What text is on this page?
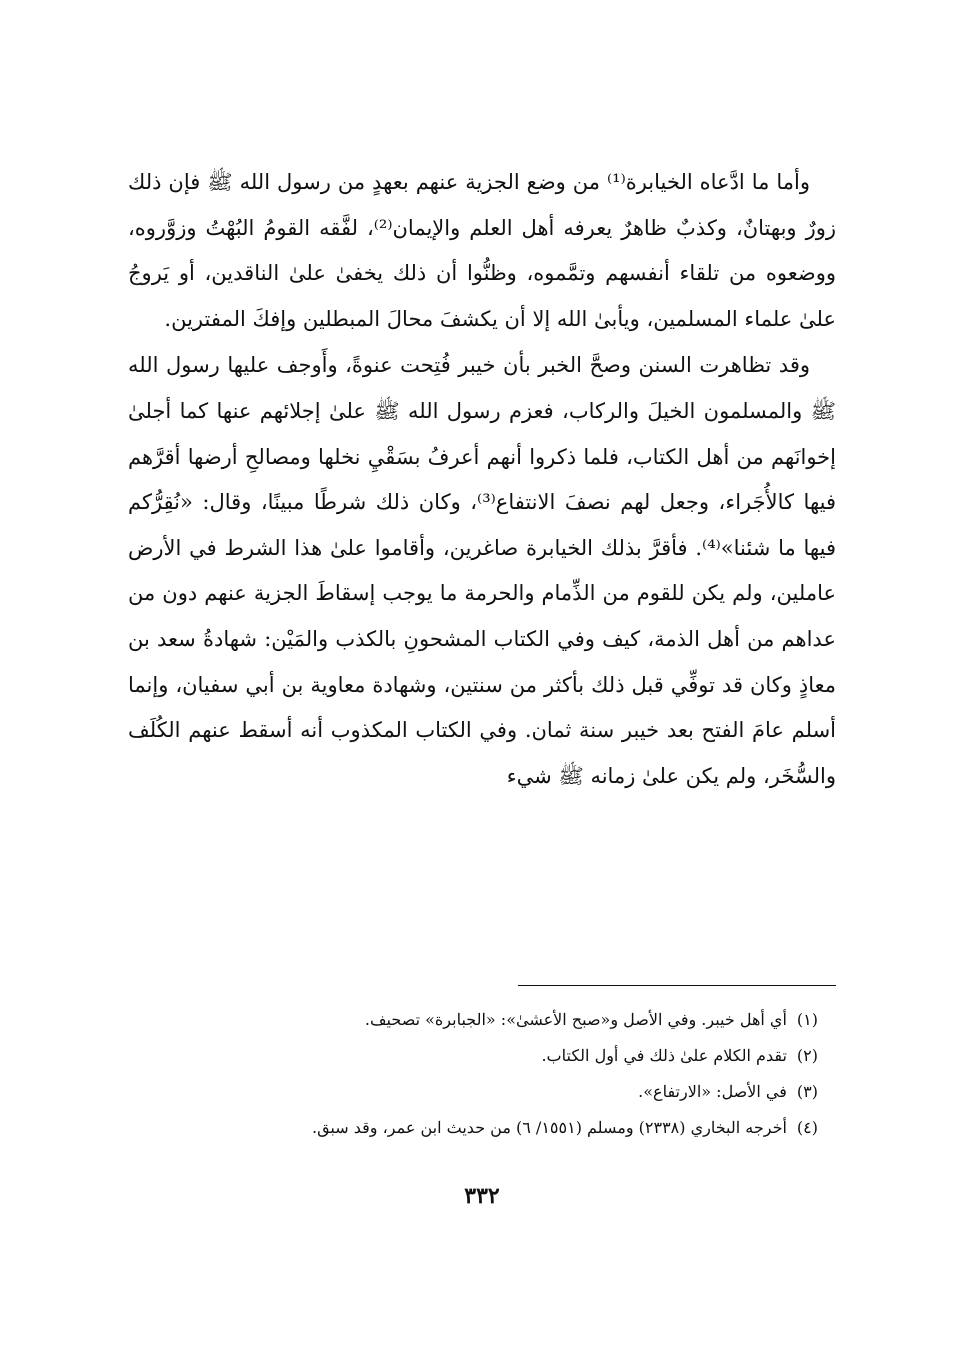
وأما ما ادَّعاه الخيابرة⁽¹⁾ من وضع الجزية عنهم بعهدٍ من رسول الله ﷺ فإن ذلك زورٌ وبهتانٌ، وكذبٌ ظاهرٌ يعرفه أهل العلم والإيمان⁽²⁾، لفَّقه القومُ البُهْتُ وزوَّروه، ووضعوه من تلقاء أنفسهم وتمَّموه، وظنُّوا أن ذلك يخفىٰ علىٰ الناقدين، أو يَروجُ علىٰ علماء المسلمين، ويأبىٰ الله إلا أن يكشفَ محالَ المبطلين وإفكَ المفترين.
وقد تظاهرت السنن وصحَّ الخبر بأن خيبر فُتِحت عنوةً، وأَوجف عليها رسول الله ﷺ والمسلمون الخيلَ والركاب، فعزم رسول الله ﷺ علىٰ إجلائهم عنها كما أجلىٰ إخوانَهم من أهل الكتاب، فلما ذكروا أنهم أعرفُ بسَقْيِ نخلها ومصالحِ أرضها أقرَّهم فيها كالأُجَراء، وجعل لهم نصفَ الانتفاع⁽³⁾، وكان ذلك شرطًا مبينًا، وقال: «نُقِرُّكم فيها ما شئنا»⁽⁴⁾. فأقرَّ بذلك الخيابرة صاغرين، وأقاموا علىٰ هذا الشرط في الأرض عاملين، ولم يكن للقوم من الذِّمام والحرمة ما يوجب إسقاطَ الجزية عنهم دون من عداهم من أهل الذمة، كيف وفي الكتاب المشحونِ بالكذب والمَيْن: شهادةُ سعد بن معاذٍ وكان قد توفِّي قبل ذلك بأكثر من سنتين، وشهادة معاوية بن أبي سفيان، وإنما أسلم عامَ الفتح بعد خيبر سنة ثمان. وفي الكتاب المكذوب أنه أسقط عنهم الكُلَف والسُّخَر، ولم يكن علىٰ زمانه ﷺ شيء
(١)أي أهل خيبر. وفي الأصل و«صبح الأعشىٰ»: «الجبابرة» تصحيف.
(٢)تقدم الكلام علىٰ ذلك في أول الكتاب.
(٣)في الأصل: «الارتفاع».
(٤)أخرجه البخاري (٢٣٣٨) ومسلم (١٥٥١/ ٦) من حديث ابن عمر، وقد سبق.
٣٣٢
